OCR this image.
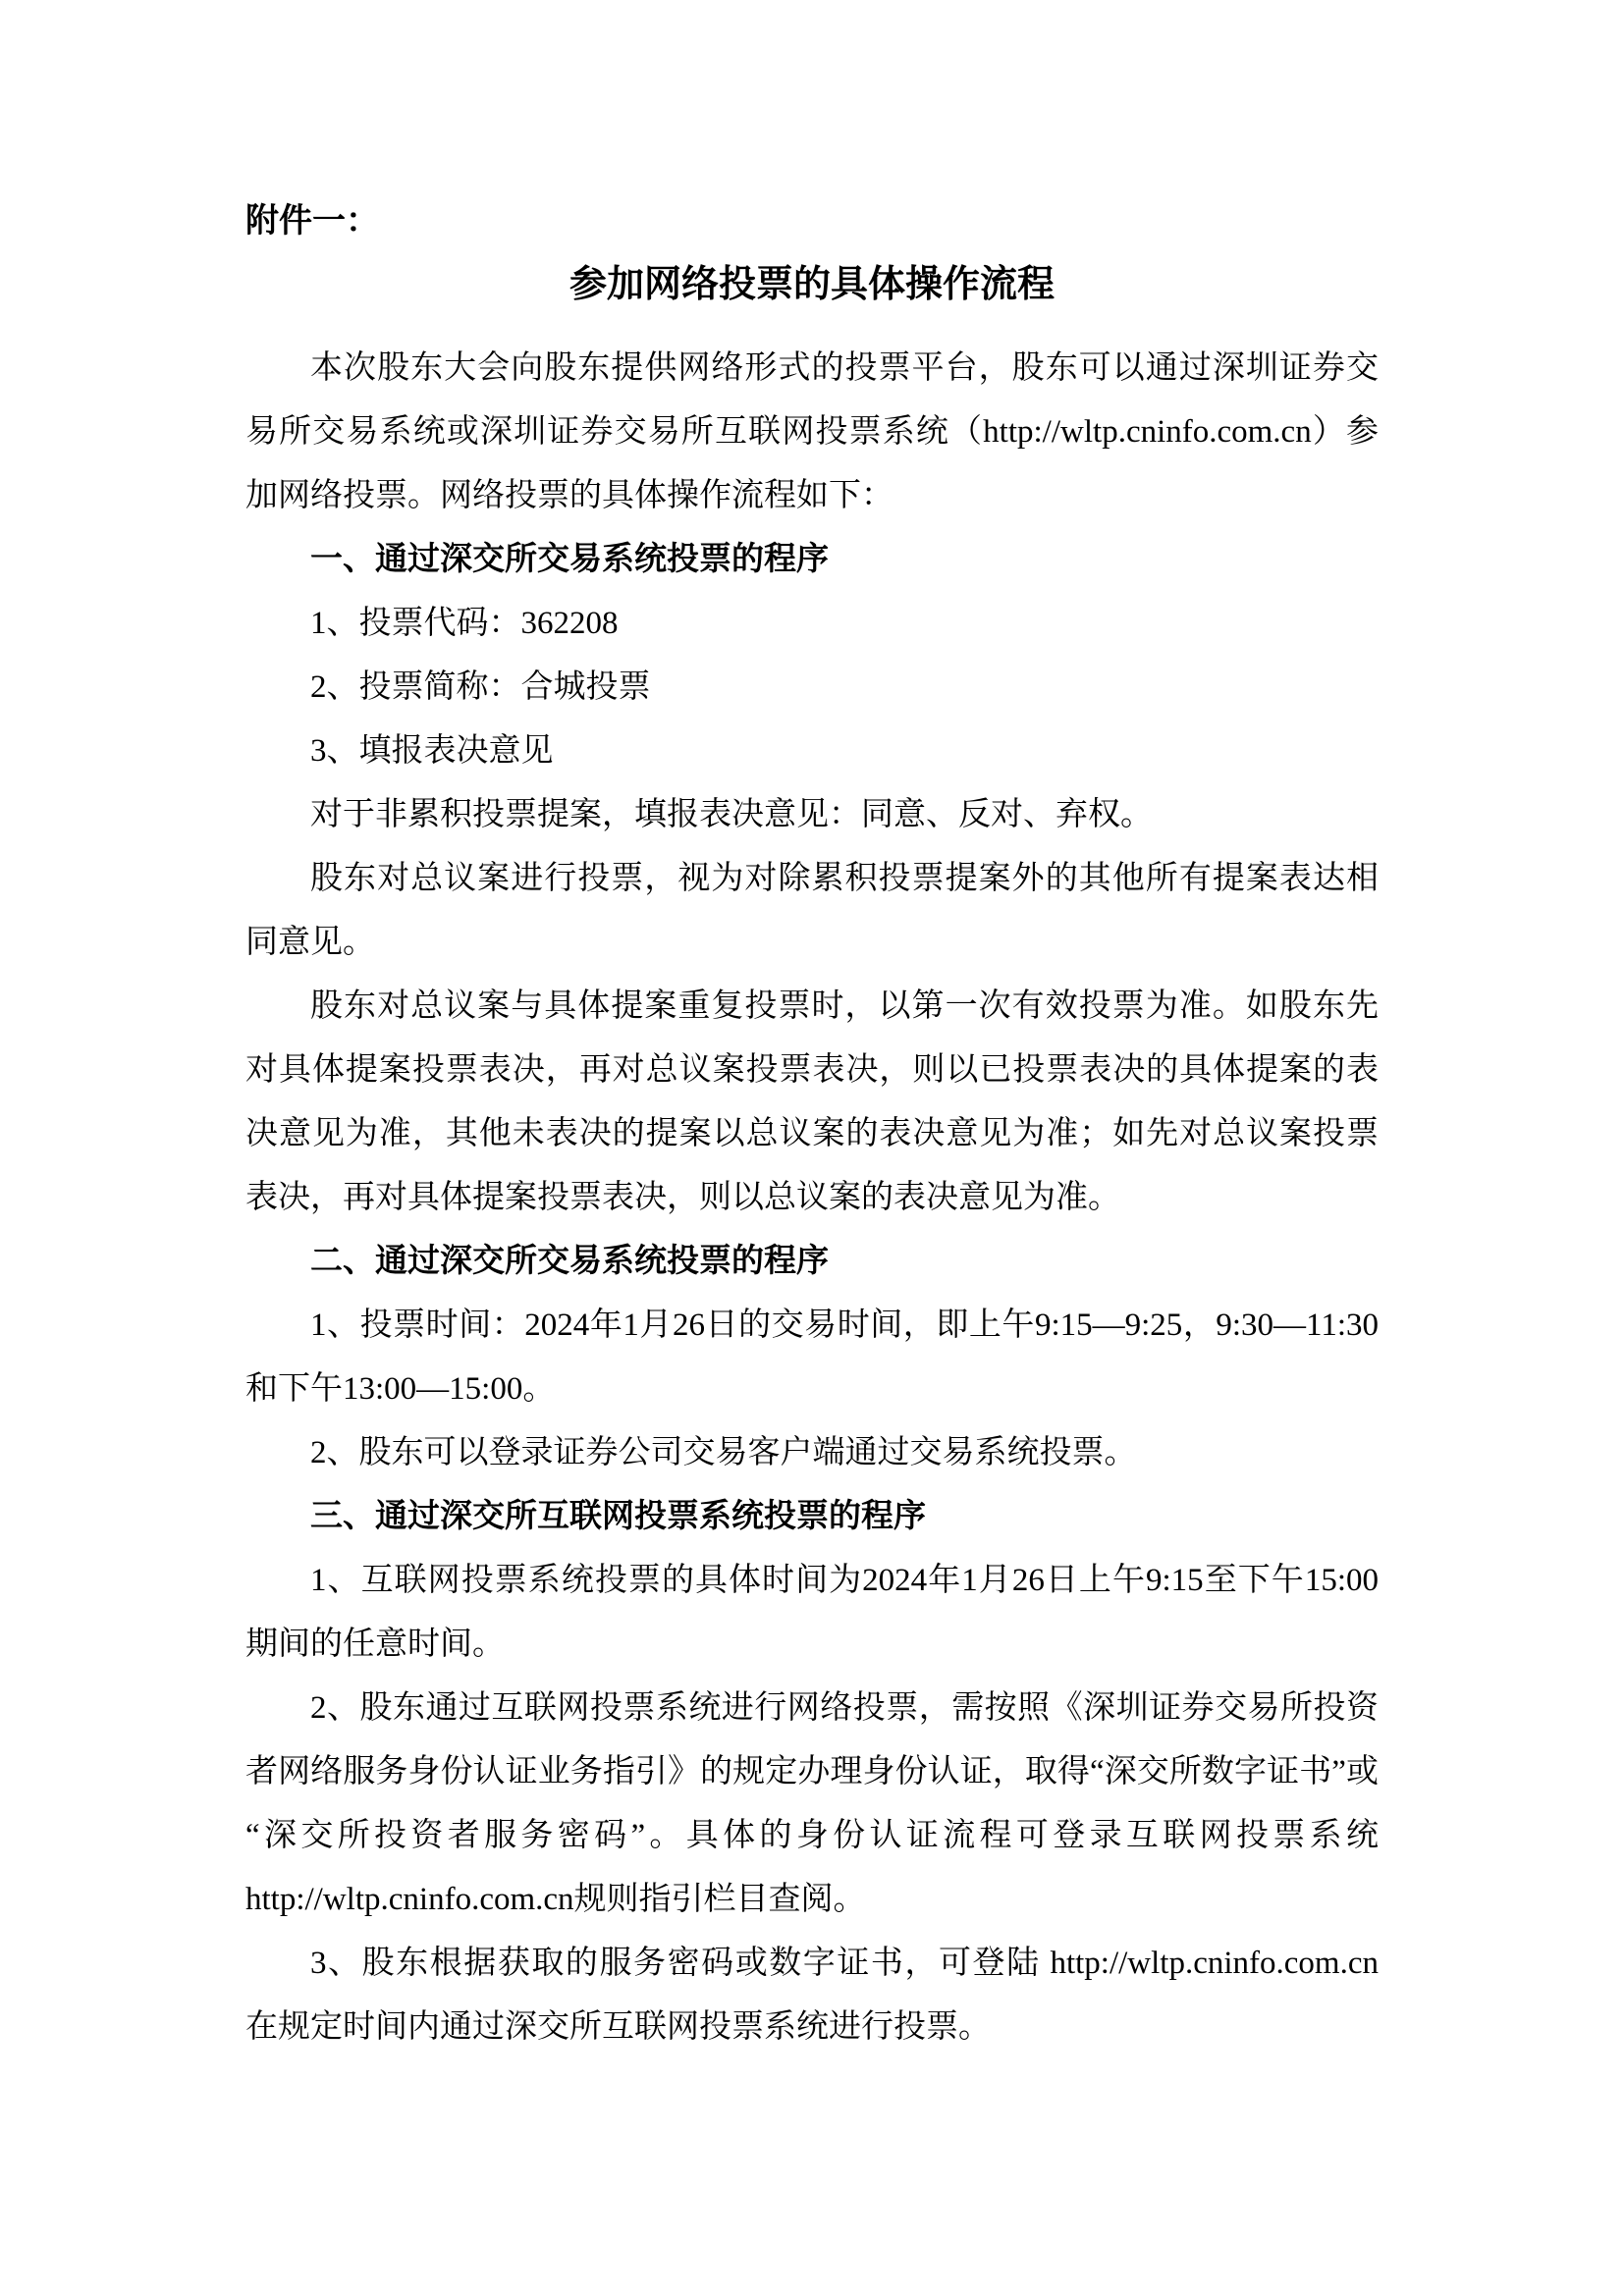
附件一：

参加网络投票的具体操作流程

本次股东大会向股东提供网络形式的投票平台，股东可以通过深圳证券交易所交易系统或深圳证券交易所互联网投票系统（http://wltp.cninfo.com.cn）参加网络投票。网络投票的具体操作流程如下：

一、通过深交所交易系统投票的程序

1、投票代码：362208

2、投票简称：合城投票

3、填报表决意见

对于非累积投票提案，填报表决意见：同意、反对、弃权。

股东对总议案进行投票，视为对除累积投票提案外的其他所有提案表达相同意见。

股东对总议案与具体提案重复投票时，以第一次有效投票为准。如股东先对具体提案投票表决，再对总议案投票表决，则以已投票表决的具体提案的表决意见为准，其他未表决的提案以总议案的表决意见为准；如先对总议案投票表决，再对具体提案投票表决，则以总议案的表决意见为准。

二、通过深交所交易系统投票的程序

1、投票时间：2024年1月26日的交易时间，即上午9:15—9:25，9:30—11:30和下午13:00—15:00。

2、股东可以登录证券公司交易客户端通过交易系统投票。

三、通过深交所互联网投票系统投票的程序

1、互联网投票系统投票的具体时间为2024年1月26日上午9:15至下午15:00期间的任意时间。

2、股东通过互联网投票系统进行网络投票，需按照《深圳证券交易所投资者网络服务身份认证业务指引》的规定办理身份认证，取得“深交所数字证书”或“深交所投资者服务密码”。具体的身份认证流程可登录互联网投票系统http://wltp.cninfo.com.cn规则指引栏目查阅。

3、股东根据获取的服务密码或数字证书，可登陆 http://wltp.cninfo.com.cn 在规定时间内通过深交所互联网投票系统进行投票。
